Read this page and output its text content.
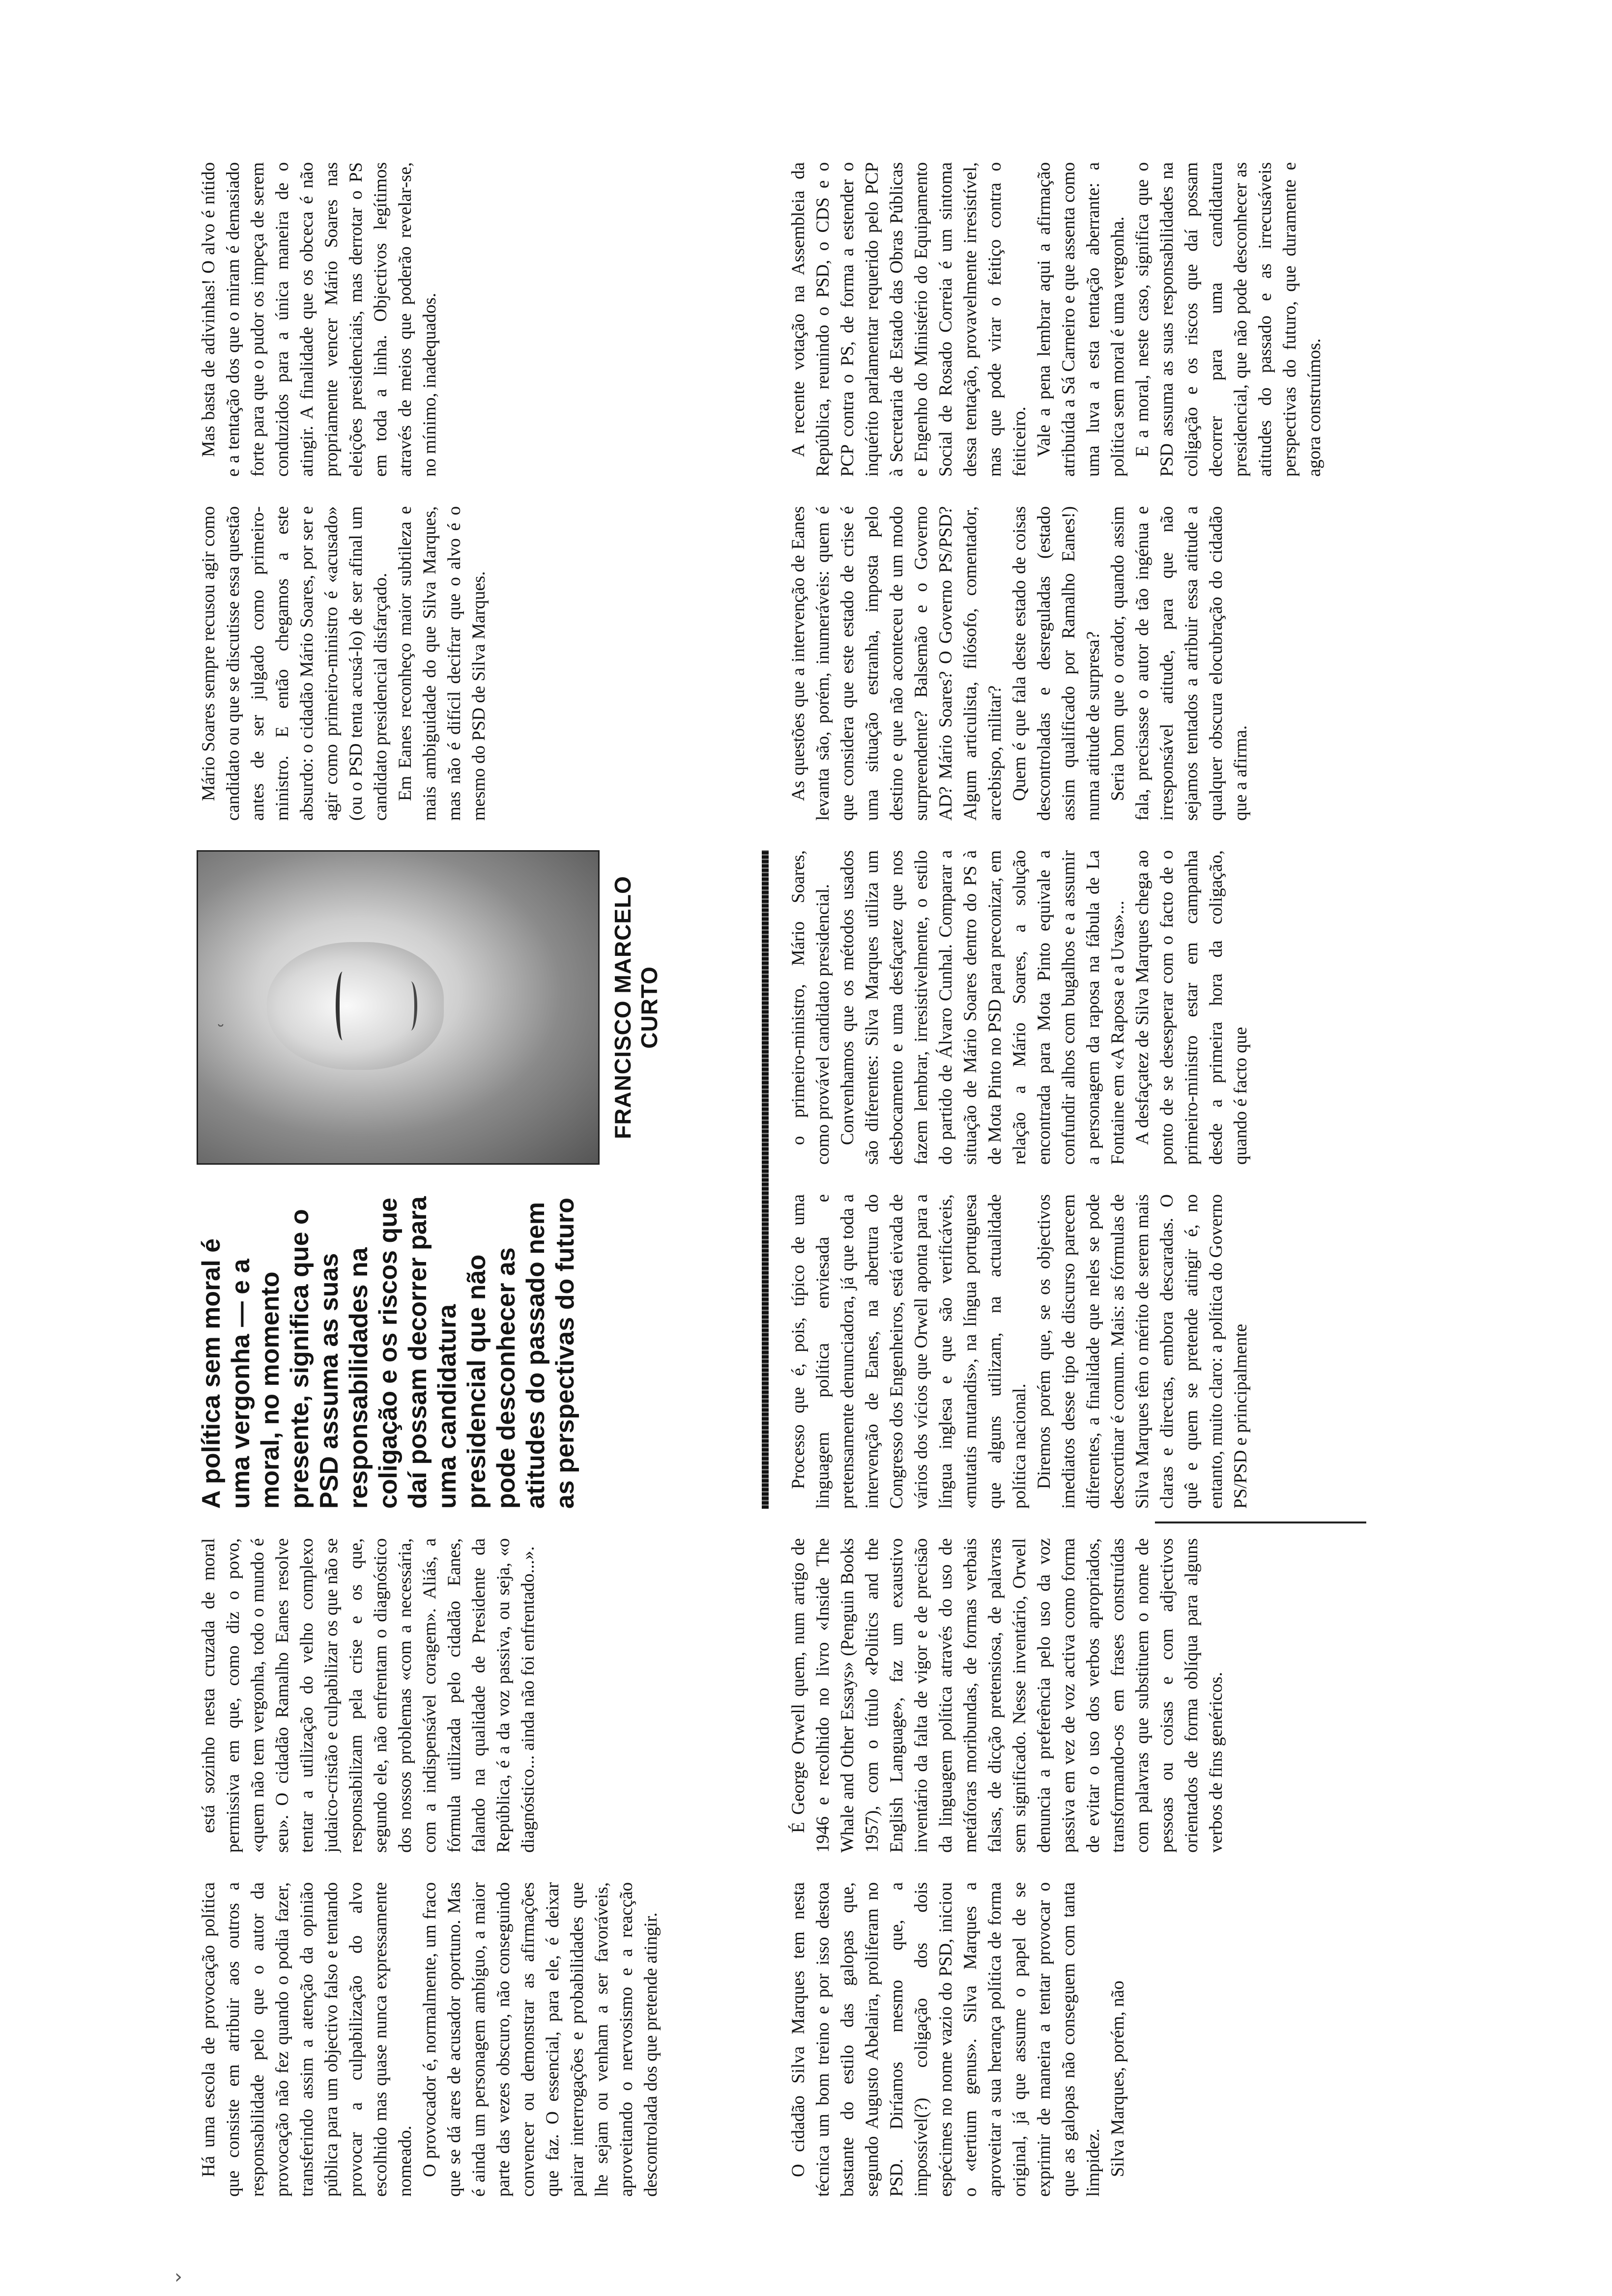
Há uma escola de provocação política que consiste em atribuir aos outros a responsabilidade pelo que o autor da provocação não fez quando o podia fazer, transferindo assim a atenção da opinião pública para um objectivo falso e tentando provocar a culpabilização do alvo escolhido mas quase nunca expressamente nomeado. O provocador é, normalmente, um fraco que se dá ares de acusador oportuno. Mas é ainda um personagem ambíguo, a maior parte das vezes obscuro, não conseguindo convencer ou demonstrar as afirmações que faz. O essencial, para ele, é deixar pairar interrogações e probabilidades que lhe sejam ou venham a ser favoráveis, aproveitando o nervosismo e a reacção descontrolada dos que pretende atingir.	O cidadão Silva Marques tem nesta técnica um bom treino e por isso destoa bastante do estilo das galopas que, segundo Augusto Abelaira, proliferam no PSD. Diríamos mesmo que, a impossível(?) coligação dos dois espécimes no nome vazio do PSD, iniciou o «tertium genus». Silva Marques a aproveitar a sua herança política de forma original, já que assume o papel de se exprimir de maneira a tentar provocar o que as galopas não conseguem com tanta limpidez. Silva Marques, porém, não

está sozinho nesta cruzada de moral permissiva em que, como diz o povo, «quem não tem vergonha, todo o mundo é seu». O cidadão Ramalho Eanes resolve tentar a utilização do velho complexo judaico-cristão e culpabilizar os que não se responsabilizam pela crise e os que, segundo ele, não enfrentam o diagnóstico dos nossos problemas «com a necessária, com a indispensável coragem». Aliás, a fórmula utilizada pelo cidadão Eanes, falando na qualidade de Presidente da República, é a da voz passiva, ou seja, «o diagnóstico... ainda não foi enfrentado...».	É George Orwell quem, num artigo de 1946 e recolhido no livro «Inside The Whale and Other Essays» (Penguin Books 1957), com o título «Politics and the English Language», faz um exaustivo inventário da falta de vigor e de precisão da linguagem política através do uso de metáforas moribundas, de formas verbais falsas, de dicção pretensiosa, de palavras sem significado. Nesse inventário, Orwell denuncia a preferência pelo uso da voz passiva em vez de voz activa como forma de evitar o uso dos verbos apropriados, transformando-os em frases construídas com palavras que substituem o nome de pessoas ou coisas e com adjectivos orientados de forma oblíqua para alguns verbos de fins genéricos.

A política sem moral é uma vergonha — e a moral, no momento presente, significa que o PSD assuma as suas responsabilidades na coligação e os riscos que daí possam decorrer para uma candidatura presidencial que não pode desconhecer as atitudes do passado nem as perspectivas do futuro
FRANCISCO MARCELO CURTO

Processo que é, pois, típico de uma linguagem política enviesada e pretensamente denunciadora, já que toda a intervenção de Eanes, na abertura do Congresso dos Engenheiros, está eivada de vários dos vícios que Orwell aponta para a língua inglesa e que são verificáveis, «mutatis mutandis», na língua portuguesa que alguns utilizam, na actualidade política nacional. Diremos porém que, se os objectivos imediatos desse tipo de discurso parecem diferentes, a finalidade que neles se pode descortinar é comum. Mais: as fórmulas de Silva Marques têm o mérito de serem mais claras e directas, embora descaradas. O quê e quem se pretende atingir é, no entanto, muito claro: a política do Governo PS/PSD e principalmente

o primeiro-ministro, Mário Soares, como provável candidato presidencial. Convenhamos que os métodos usados são diferentes: Silva Marques utiliza um desbocamento e uma desfaçatez que nos fazem lembrar, irresistivelmente, o estilo do partido de Álvaro Cunhal. Comparar a situação de Mário Soares dentro do PS à de Mota Pinto no PSD para preconizar, em relação a Mário Soares, a solução encontrada para Mota Pinto equivale a confundir alhos com bugalhos e a assumir a personagem da raposa na fábula de La Fontaine em «A Raposa e a Uvas»... A desfaçatez de Silva Marques chega ao ponto de se desesperar com o facto de o primeiro-ministro estar em campanha desde a primeira hora da coligação, quando é facto que

Mário Soares sempre recusou agir como candidato ou que se discutisse essa questão antes de ser julgado como primeiro-ministro. E então chegamos a este absurdo: o cidadão Mário Soares, por ser e agir como primeiro-ministro é «acusado» (ou o PSD tenta acusá-lo) de ser afinal um candidato presidencial disfarçado. Em Eanes reconheço maior subtileza e mais ambiguidade do que Silva Marques, mas não é difícil decifrar que o alvo é o mesmo do PSD de Silva Marques.	As questões que a intervenção de Eanes levanta são, porém, inumeráveis: quem é que considera que este estado de crise é uma situação estranha, imposta pelo destino e que não aconteceu de um modo surpreendente? Balsemão e o Governo AD? Mário Soares? O Governo PS/PSD? Algum articulista, filósofo, comentador, arcebispo, militar? Quem é que fala deste estado de coisas descontroladas e desreguladas (estado assim qualificado por Ramalho Eanes!) numa atitude de surpresa? Seria bom que o orador, quando assim fala, precisasse o autor de tão ingénua e irresponsável atitude, para que não sejamos tentados a atribuir essa atitude a qualquer obscura elocubração do cidadão que a afirma.

Mas basta de adivinhas! O alvo é nítido e a tentação dos que o miram é demasiado forte para que o pudor os impeça de serem conduzidos para a única maneira de o atingir. A finalidade que os obceca é não propriamente vencer Mário Soares nas eleições presidenciais, mas derrotar o PS em toda a linha. Objectivos legítimos através de meios que poderão revelar-se, no mínimo, inadequados.	A recente votação na Assembleia da República, reunindo o PSD, o CDS e o PCP contra o PS, de forma a estender o inquérito parlamentar requerido pelo PCP à Secretaria de Estado das Obras Públicas e Engenho do Ministério do Equipamento Social de Rosado Correia é um sintoma dessa tentação, provavelmente irresistível, mas que pode virar o feitiço contra o feiticeiro. Vale a pena lembrar aqui a afirmação atribuída a Sá Carneiro e que assenta como uma luva a esta tentação aberrante: a política sem moral é uma vergonha. E a moral, neste caso, significa que o PSD assuma as suas responsabilidades na coligação e os riscos que daí possam decorrer para uma candidatura presidencial, que não pode desconhecer as atitudes do passado e as irrecusáveis perspectivas do futuro, que duramente e agora construímos.

›
˘
